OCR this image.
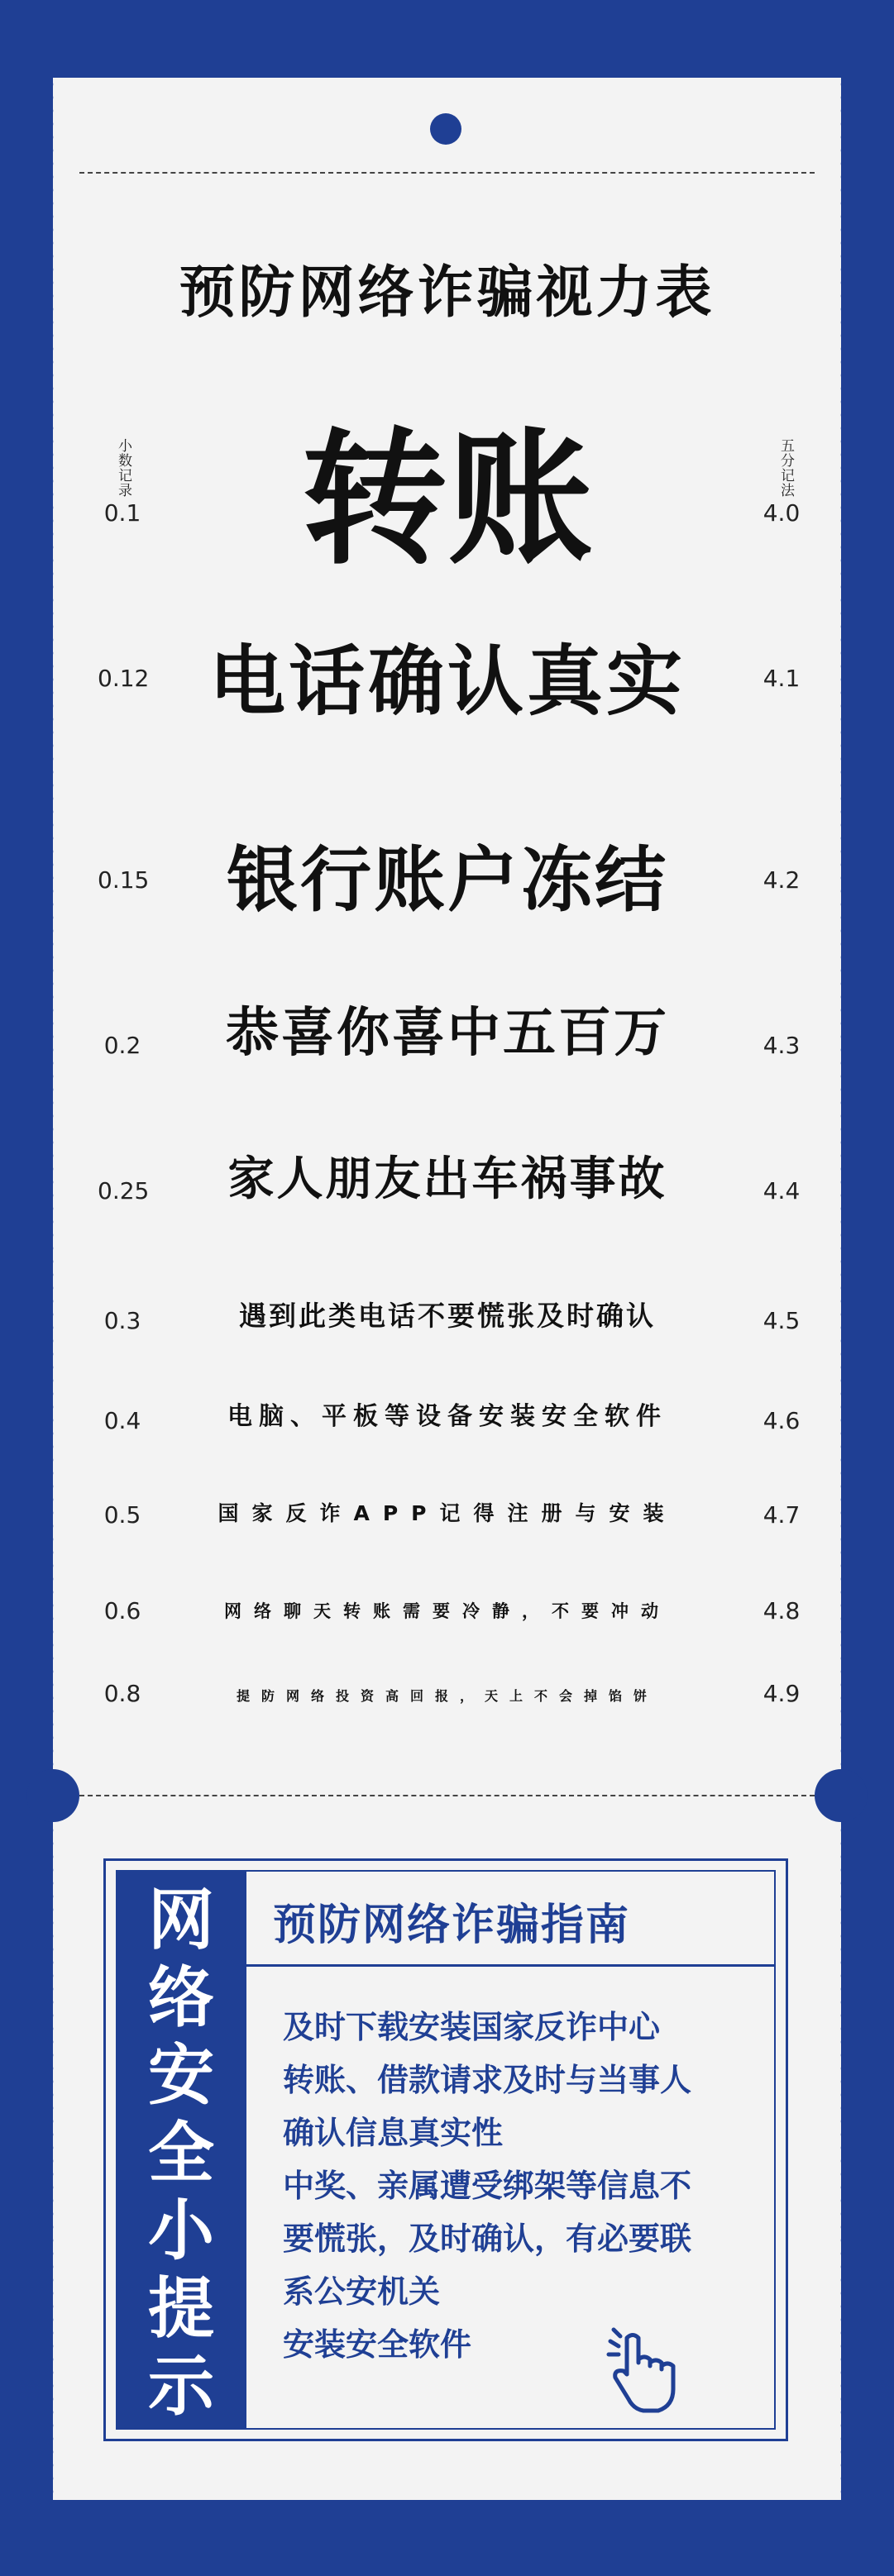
预防网络诈骗视力表
小数记录	五分记法
0.1	转账	4.0
0.12 电话确认真实	4.1
0.15	银行账户冻结	4.2
0.2	恭喜你喜中五百万	4.3
0.25	家人朋友出车祸事故	4.4
0.3	遇到此类电话不要慌张及时确认	4.5
0.4	电脑、平板等设备安装安全软件	4.6
0.5	国家反诈APP记得注册与安装	4.7
0.6	网络聊天转账需要冷静，不要冲动	4.8
0.8	提防网络投资高回报，天上不会掉馅饼	4.9
网
络
安
全
小
提
示
预防网络诈骗指南
及时下载安装国家反诈中心
转账、借款请求及时与当事人
确认信息真实性
中奖、亲属遭受绑架等信息不
要慌张，及时确认，有必要联
系公安机关
安装安全软件
